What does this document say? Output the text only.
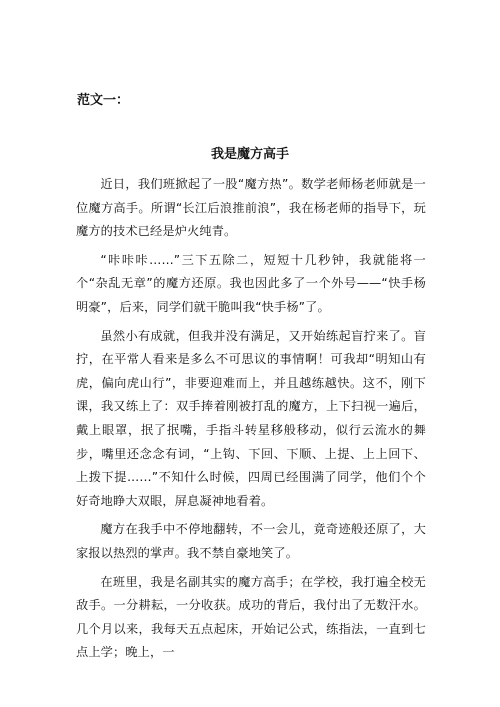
范文一：

我是魔方高手

近日，我们班掀起了一股“魔方热”。数学老师杨老师就是一位魔方高手。所谓“长江后浪推前浪”，我在杨老师的指导下，玩魔方的技术已经是炉火纯青。

“咔咔咔……”三下五除二，短短十几秒钟，我就能将一个“杂乱无章”的魔方还原。我也因此多了一个外号——“快手杨明豪”，后来，同学们就干脆叫我“快手杨”了。

虽然小有成就，但我并没有满足，又开始练起盲拧来了。盲拧，在平常人看来是多么不可思议的事情啊！可我却“明知山有虎，偏向虎山行”，非要迎难而上，并且越练越快。这不，刚下课，我又练上了：双手捧着刚被打乱的魔方，上下扫视一遍后，戴上眼罩，抿了抿嘴，手指斗转星移般移动，似行云流水的舞步，嘴里还念念有词，“上钩、下回、下顺、上提、上上回下、上拨下提……”不知什么时候，四周已经围满了同学，他们个个好奇地睁大双眼，屏息凝神地看着。

魔方在我手中不停地翻转，不一会儿，竟奇迹般还原了，大家报以热烈的掌声。我不禁自豪地笑了。

在班里，我是名副其实的魔方高手；在学校，我打遍全校无敌手。一分耕耘，一分收获。成功的背后，我付出了无数汗水。几个月以来，我每天五点起床，开始记公式，练指法，一直到七点上学；晚上，一
